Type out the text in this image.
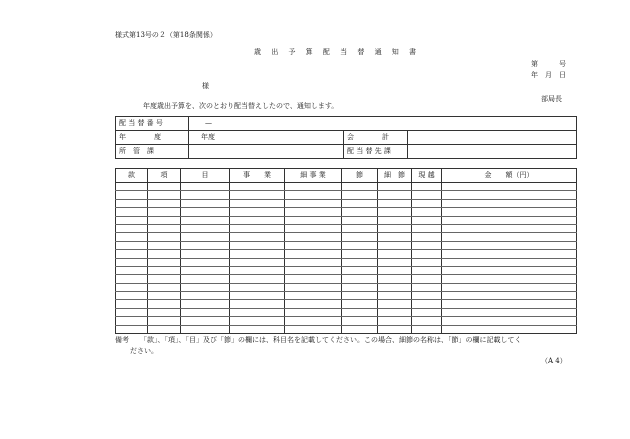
様式第13号の２（第18条関係）
歳 出 予 算 配 当 替 通 知 書
第　　　号
年　月　日
様
部局長
年度歳出予算を、次のとおり配当替えしたので、通知します。
配 当 替 番 号	—		
年　　　　度	年度	会　　　　計	
所　管　課		配 当 替 先 課	
款	項	目	事　　業	細 事 業	節	細　節	現 越	金　　額（円）

備考 「款」、「項」、「目」及び「節」の欄には、科目名を記載してください。この場合、細節の名称は、「節」の欄に記載してく
ださい。
（A 4）
